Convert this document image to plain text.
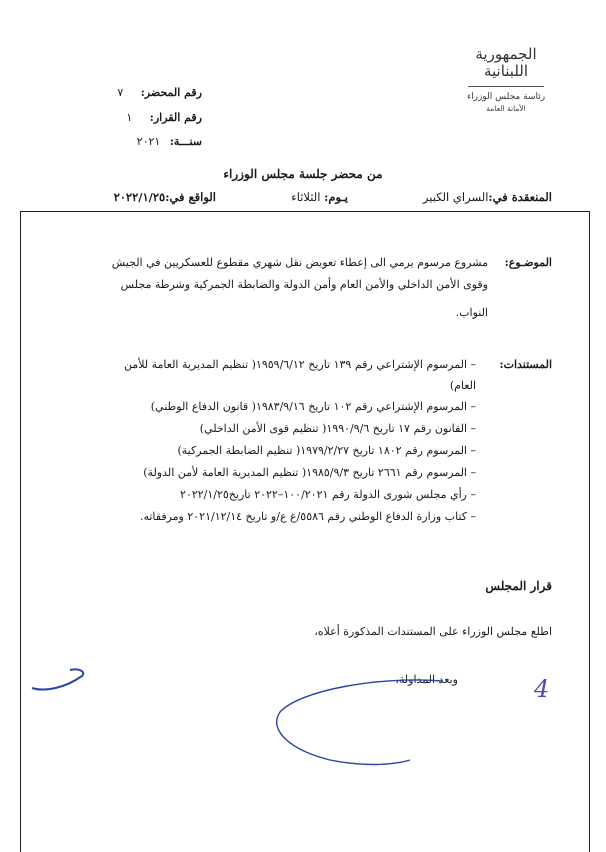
الجمهورية
اللبنانية
رئاسة مجلس الوزراء
الأمانة العامة
رقم المحضر: ٧
رقم القرار: ١
سنـــة: ٢٠٢١
من محضر جلسة مجلس الوزراء
المنعقدة في:السراي الكبير
يـوم: الثلاثاء
الواقع في:٢٠٢٢/١/٢٥
الموضـوع:
مشروع مرسوم يرمي الى إعطاء تعويض نقل شهري مقطوع للعسكريين في الجيش
وقوى الأمن الداخلي والأمن العام وأمن الدولة والضابطة الجمركية وشرطة مجلس
النواب.
المستندات:
– المرسوم الإشتراعي رقم ١٣٩ تاريخ ١٩٥٩/٦/١٢( تنظيم المديرية العامة للأمن
العام)
– المرسوم الإشتراعي رقم ١٠٢ تاريخ ١٩٨٣/٩/١٦( قانون الدفاع الوطني)
– القانون رقم ١٧ تاريخ ١٩٩٠/٩/٦( تنظيم قوى الأمن الداخلي)
– المرسوم رقم ١٨٠٢ تاريخ ١٩٧٩/٢/٢٧( تنظيم الضابطة الجمركية)
– المرسوم رقم ٢٦٦١ تاريخ ١٩٨٥/٩/٣( تنظيم المديرية العامة لأمن الدولة)
– رأي مجلس شورى الدولة رقم ١٠٠/٢٠٢١–٢٠٢٢ تاريخ٢٠٢٢/١/٢٥
– كتاب وزارة الدفاع الوطني رقم ٥٥٨٦/غ ع/و تاريخ ٢٠٢١/١٢/١٤ ومرفقاته.
قرار المجلس
اطلع مجلس الوزراء على المستندات المذكورة أعلاه،
وبعد المداولة،	4
